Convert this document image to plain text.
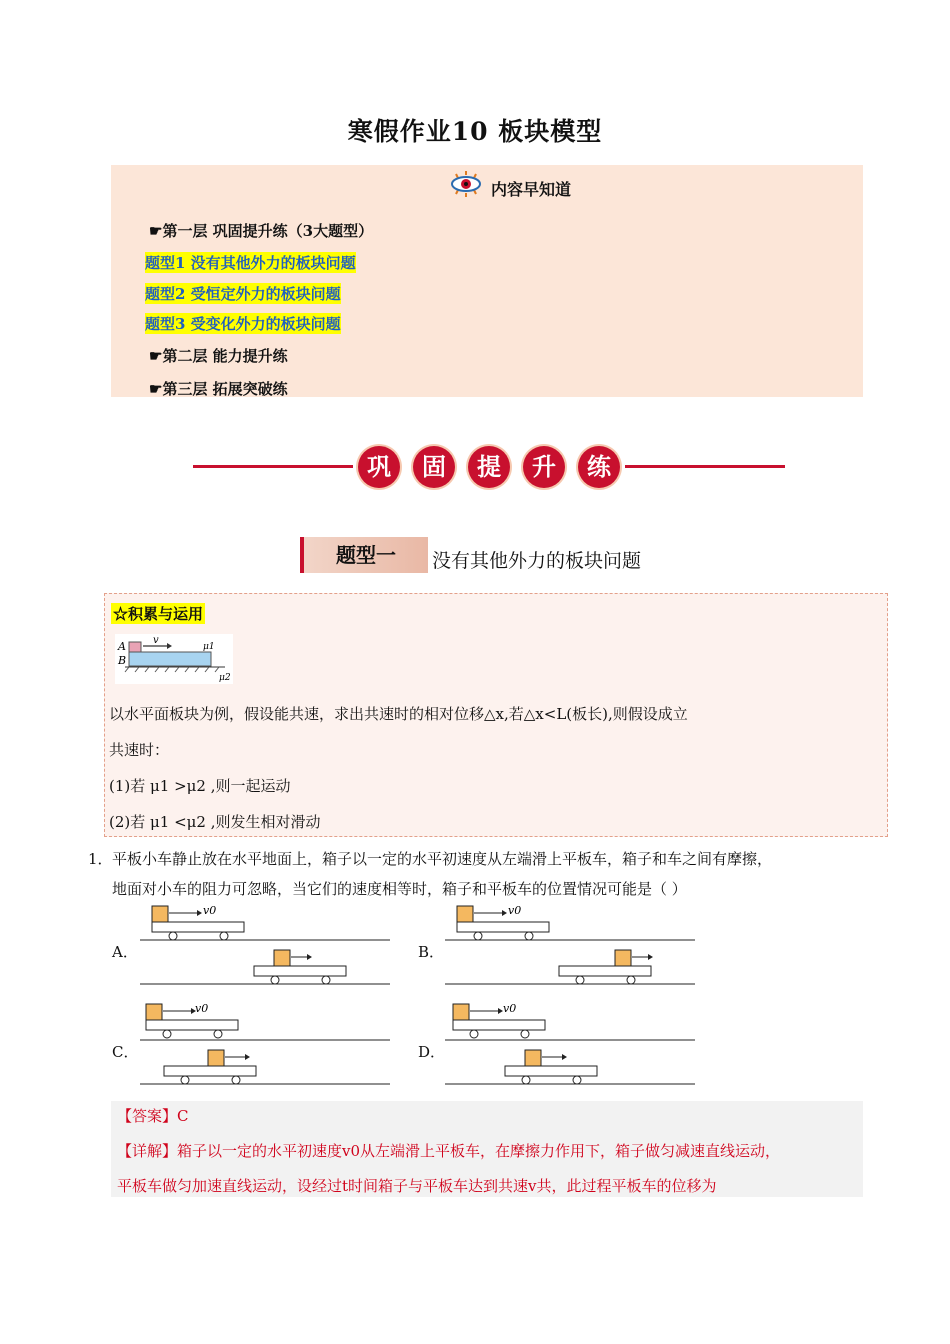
寒假作业10 板块模型
内容早知道
☛第一层 巩固提升练（3大题型）
题型1 没有其他外力的板块问题
题型2 受恒定外力的板块问题
题型3 受变化外力的板块问题
☛第二层 能力提升练
☛第三层 拓展突破练
巩	固	提	升	练
题型一	没有其他外力的板块问题
☆积累与运用
A
B
v
μ1
μ2
以水平面板块为例，假设能共速，求出共速时的相对位移△x,若△x<L(板长),则假设成立
共速时：
(1)若 μ1 >μ2 ,则一起运动
(2)若 μ1 <μ2 ,则发生相对滑动
1． 平板小车静止放在水平地面上，箱子以一定的水平初速度从左端滑上平板车，箱子和车之间有摩擦，
地面对小车的阻力可忽略，当它们的速度相等时，箱子和平板车的位置情况可能是（ ）
A．	B．
C．	D．
v0	v0
v0	v0
【答案】C
【详解】箱子以一定的水平初速度v0从左端滑上平板车，在摩擦力作用下，箱子做匀减速直线运动，
平板车做匀加速直线运动，设经过t时间箱子与平板车达到共速v共，此过程平板车的位移为
